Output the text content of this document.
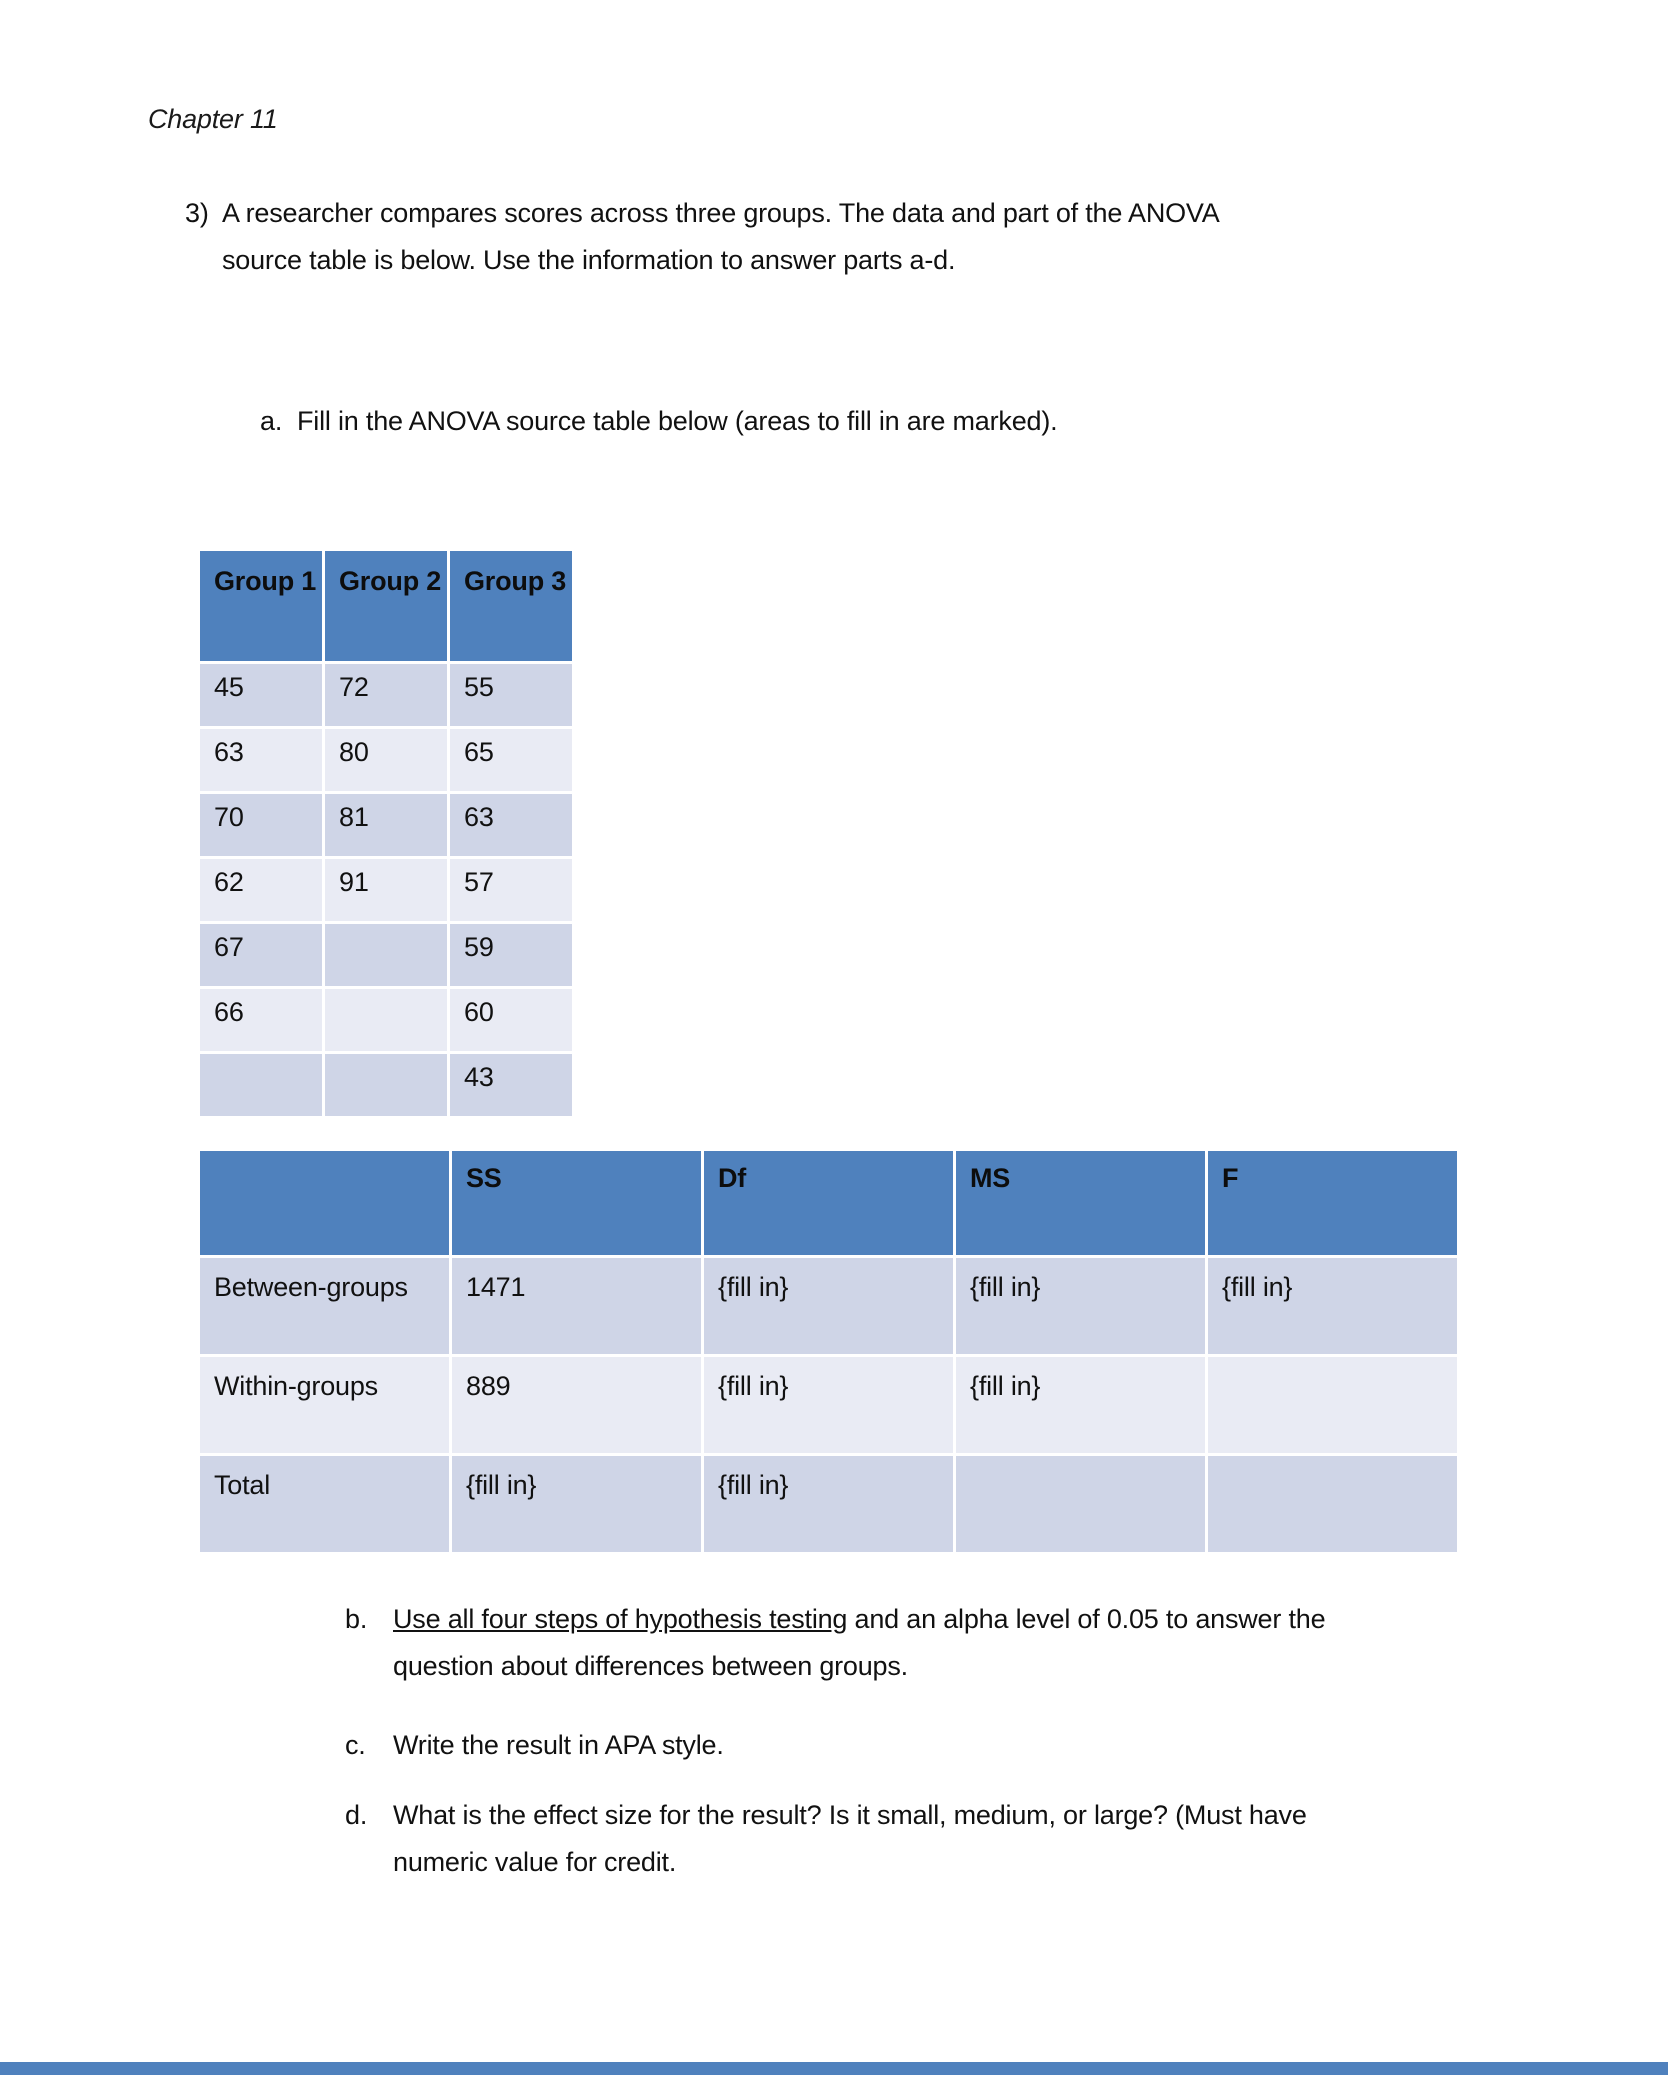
Chapter 11
3) A researcher compares scores across three groups. The data and part of the ANOVA
source table is below. Use the information to answer parts a-d.
a. Fill in the ANOVA source table below (areas to fill in are marked).
Group 1	Group 2	Group 3
45	72	55
63	80	65
70	81	63
62	91	57
67		59
66		60
		43
	SS	Df	MS	F
Between-groups	1471	{fill in}	{fill in}	{fill in}
Within-groups	889	{fill in}	{fill in}	
Total	{fill in}	{fill in}		
b. Use all four steps of hypothesis testing and an alpha level of 0.05 to answer the
question about differences between groups.
c. Write the result in APA style.
d. What is the effect size for the result? Is it small, medium, or large? (Must have
numeric value for credit.
